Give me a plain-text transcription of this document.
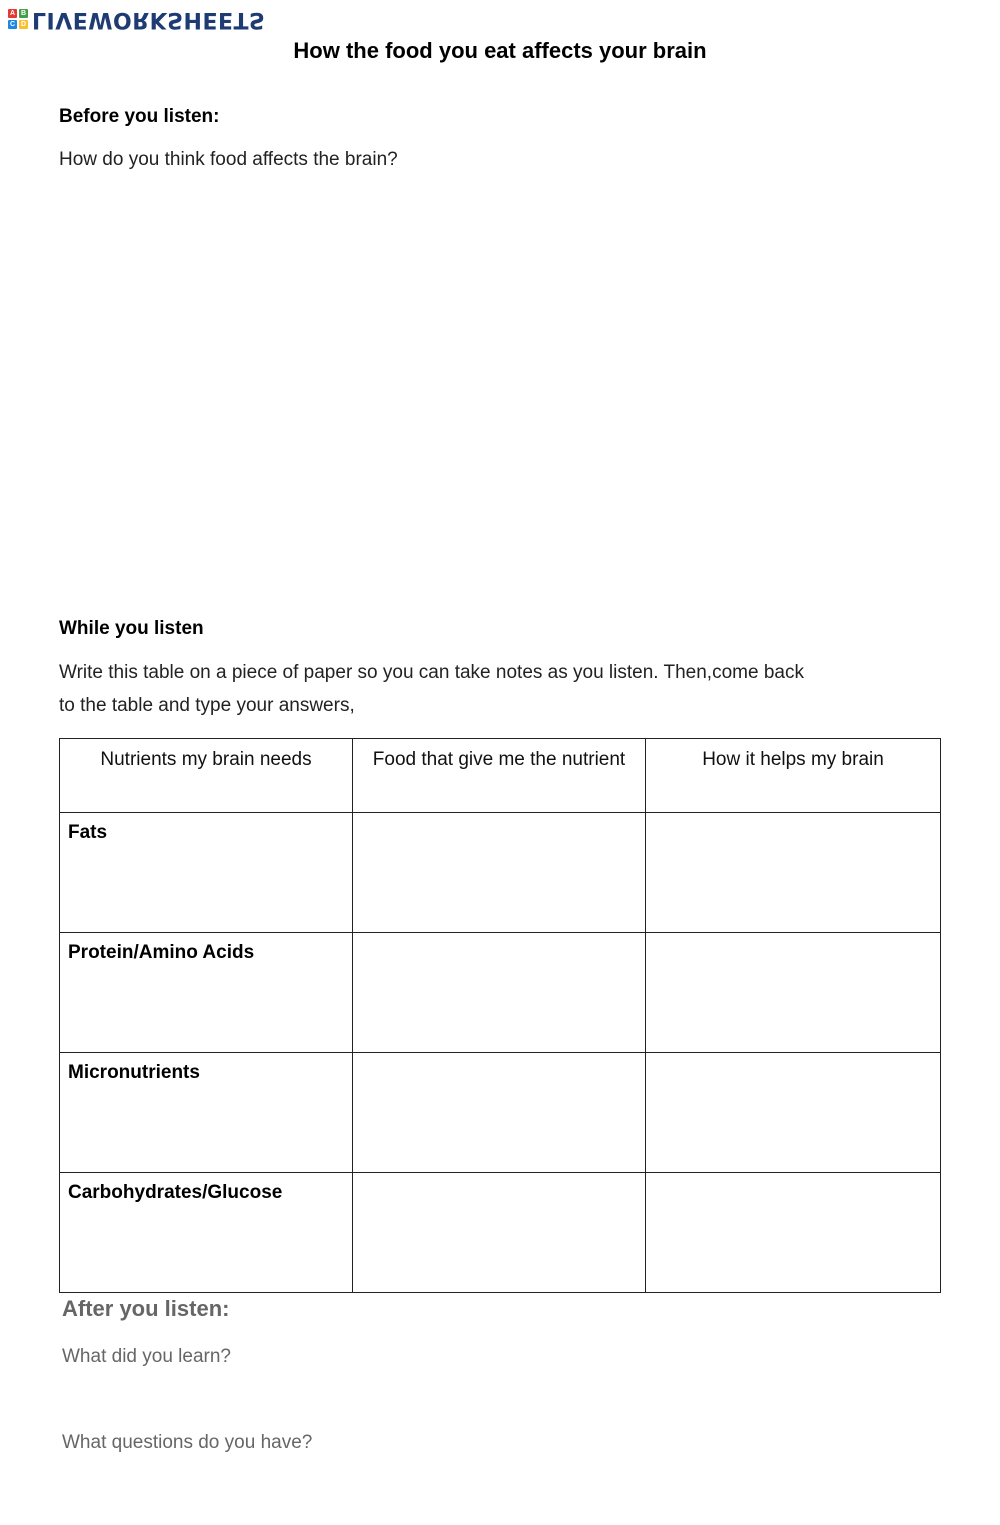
A B
C D LIVEWORKSHEETS
How the food you eat affects your brain
Before you listen:
How do you think food affects the brain?
While you listen
Write this table on a piece of paper so you can take notes as you listen. Then,come back
to the table and type your answers,
Nutrients my brain needs	Food that give me the nutrient	How it helps my brain
Fats		
Protein/Amino Acids		
Micronutrients		
Carbohydrates/Glucose		
After you listen:
What did you learn?
What questions do you have?
